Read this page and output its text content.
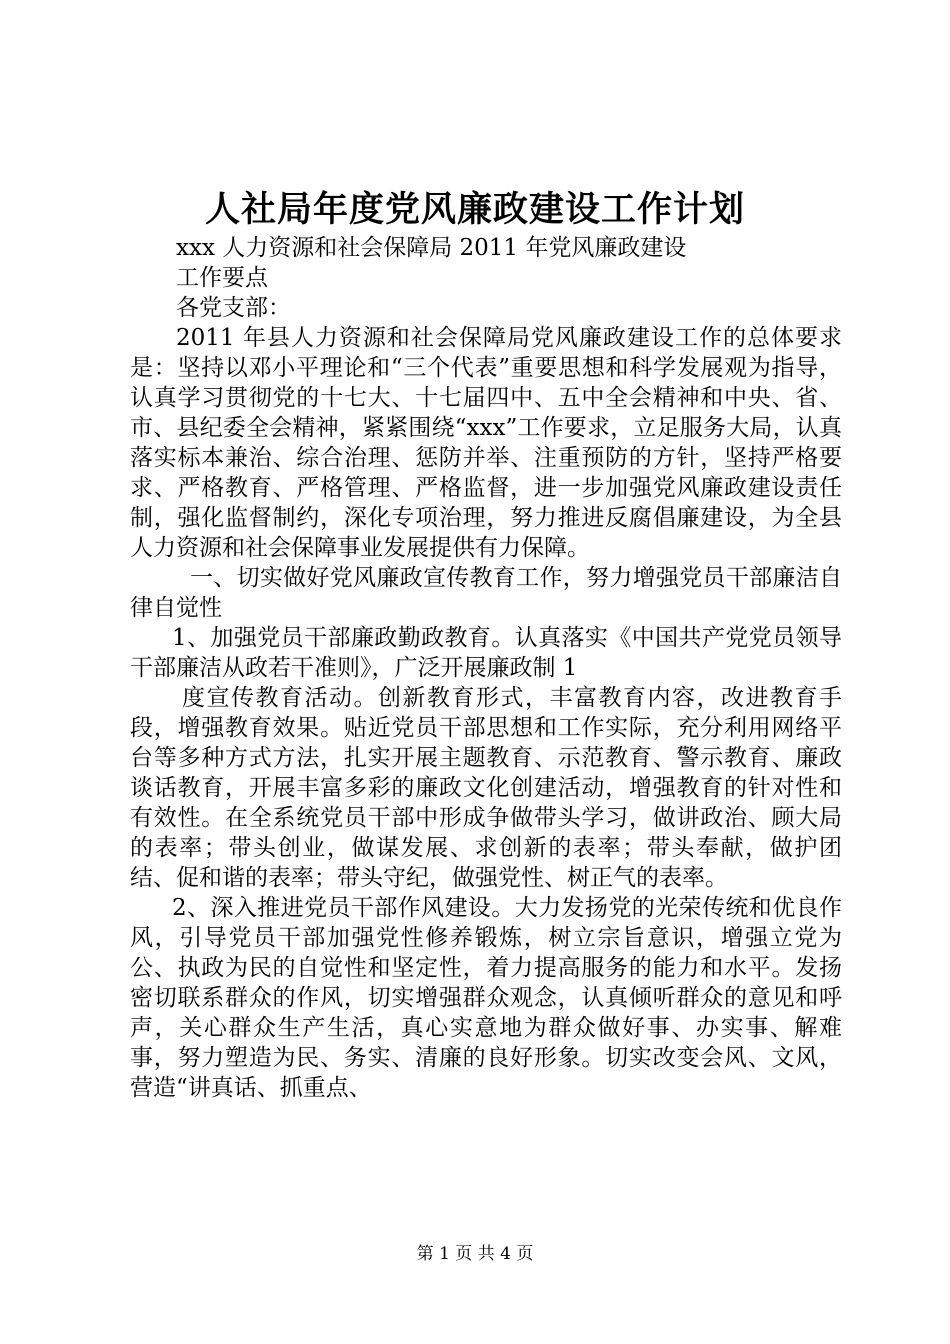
人社局年度党风廉政建设工作计划

xxx 人力资源和社会保障局 2011 年党风廉政建设

工作要点

各党支部：

2011 年县人力资源和社会保障局党风廉政建设工作的总体要求是：坚持以邓小平理论和“三个代表”重要思想和科学发展观为指导，认真学习贯彻党的十七大、十七届四中、五中全会精神和中央、省、市、县纪委全会精神，紧紧围绕“xxx”工作要求，立足服务大局，认真落实标本兼治、综合治理、惩防并举、注重预防的方针，坚持严格要求、严格教育、严格管理、严格监督，进一步加强党风廉政建设责任制，强化监督制约，深化专项治理，努力推进反腐倡廉建设，为全县人力资源和社会保障事业发展提供有力保障。

一、切实做好党风廉政宣传教育工作，努力增强党员干部廉洁自律自觉性

1、加强党员干部廉政勤政教育。认真落实《中国共产党党员领导干部廉洁从政若干准则》，广泛开展廉政制 1

度宣传教育活动。创新教育形式，丰富教育内容，改进教育手段，增强教育效果。贴近党员干部思想和工作实际，充分利用网络平台等多种方式方法，扎实开展主题教育、示范教育、警示教育、廉政谈话教育，开展丰富多彩的廉政文化创建活动，增强教育的针对性和有效性。在全系统党员干部中形成争做带头学习，做讲政治、顾大局的表率；带头创业，做谋发展、求创新的表率；带头奉献，做护团结、促和谐的表率；带头守纪，做强党性、树正气的表率。

2、深入推进党员干部作风建设。大力发扬党的光荣传统和优良作风，引导党员干部加强党性修养锻炼，树立宗旨意识，增强立党为公、执政为民的自觉性和坚定性，着力提高服务的能力和水平。发扬密切联系群众的作风，切实增强群众观念，认真倾听群众的意见和呼声，关心群众生产生活，真心实意地为群众做好事、办实事、解难事，努力塑造为民、务实、清廉的良好形象。切实改变会风、文风，营造“讲真话、抓重点、

第 1 页 共 4 页
